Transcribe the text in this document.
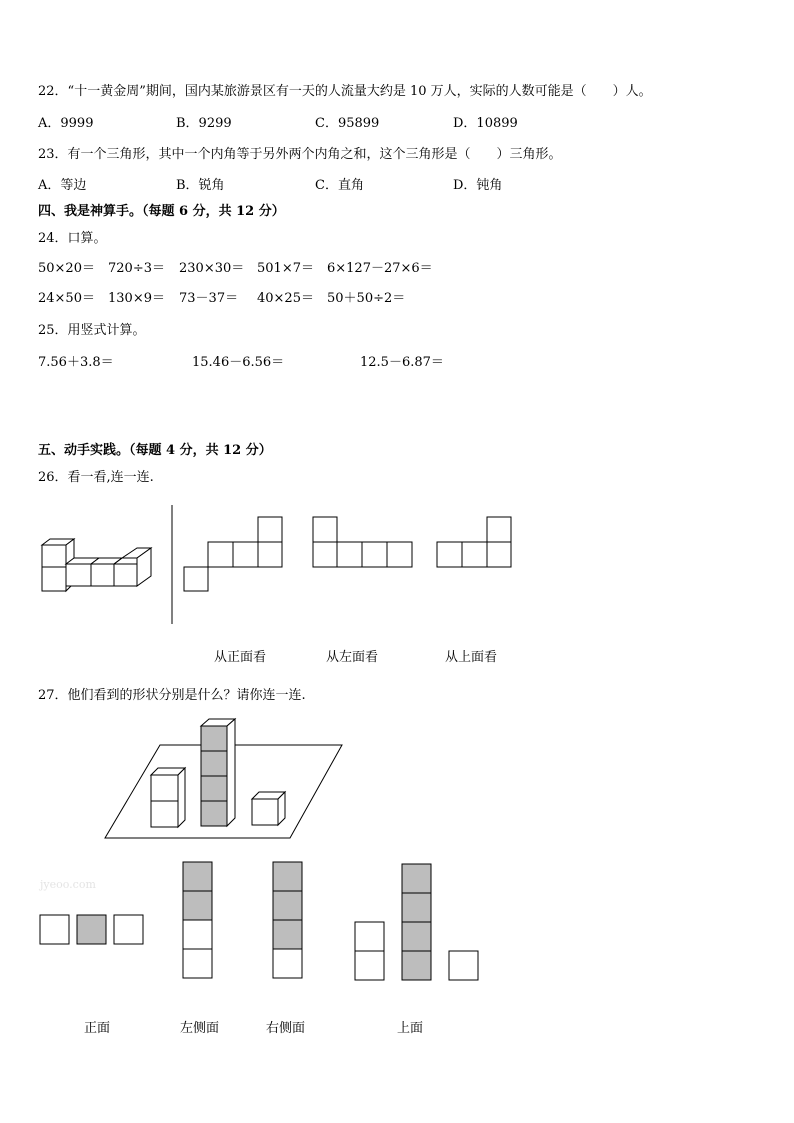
22．“十一黄金周”期间，国内某旅游景区有一天的人流量大约是 10 万人，实际的人数可能是（　　）人。
A．9999	B．9299	C．95899	D．10899
23．有一个三角形，其中一个内角等于另外两个内角之和，这个三角形是（　　）三角形。
A．等边	B．锐角	C．直角	D．钝角
四、我是神算手。（每题 6 分，共 12 分）
24．口算。
50×20＝ 720÷3＝ 230×30＝ 501×7＝ 6×127－27×6＝
24×50＝ 130×9＝ 73－37＝ 40×25＝ 50＋50÷2＝
25．用竖式计算。
7.56＋3.8＝	15.46－6.56＝	12.5－6.87＝
五、动手实践。（每题 4 分，共 12 分）
26．看一看,连一连.
从正面看	从左面看	从上面看
27．他们看到的形状分别是什么？请你连一连.
jyeoo.com
正面	左侧面	右侧面	上面
